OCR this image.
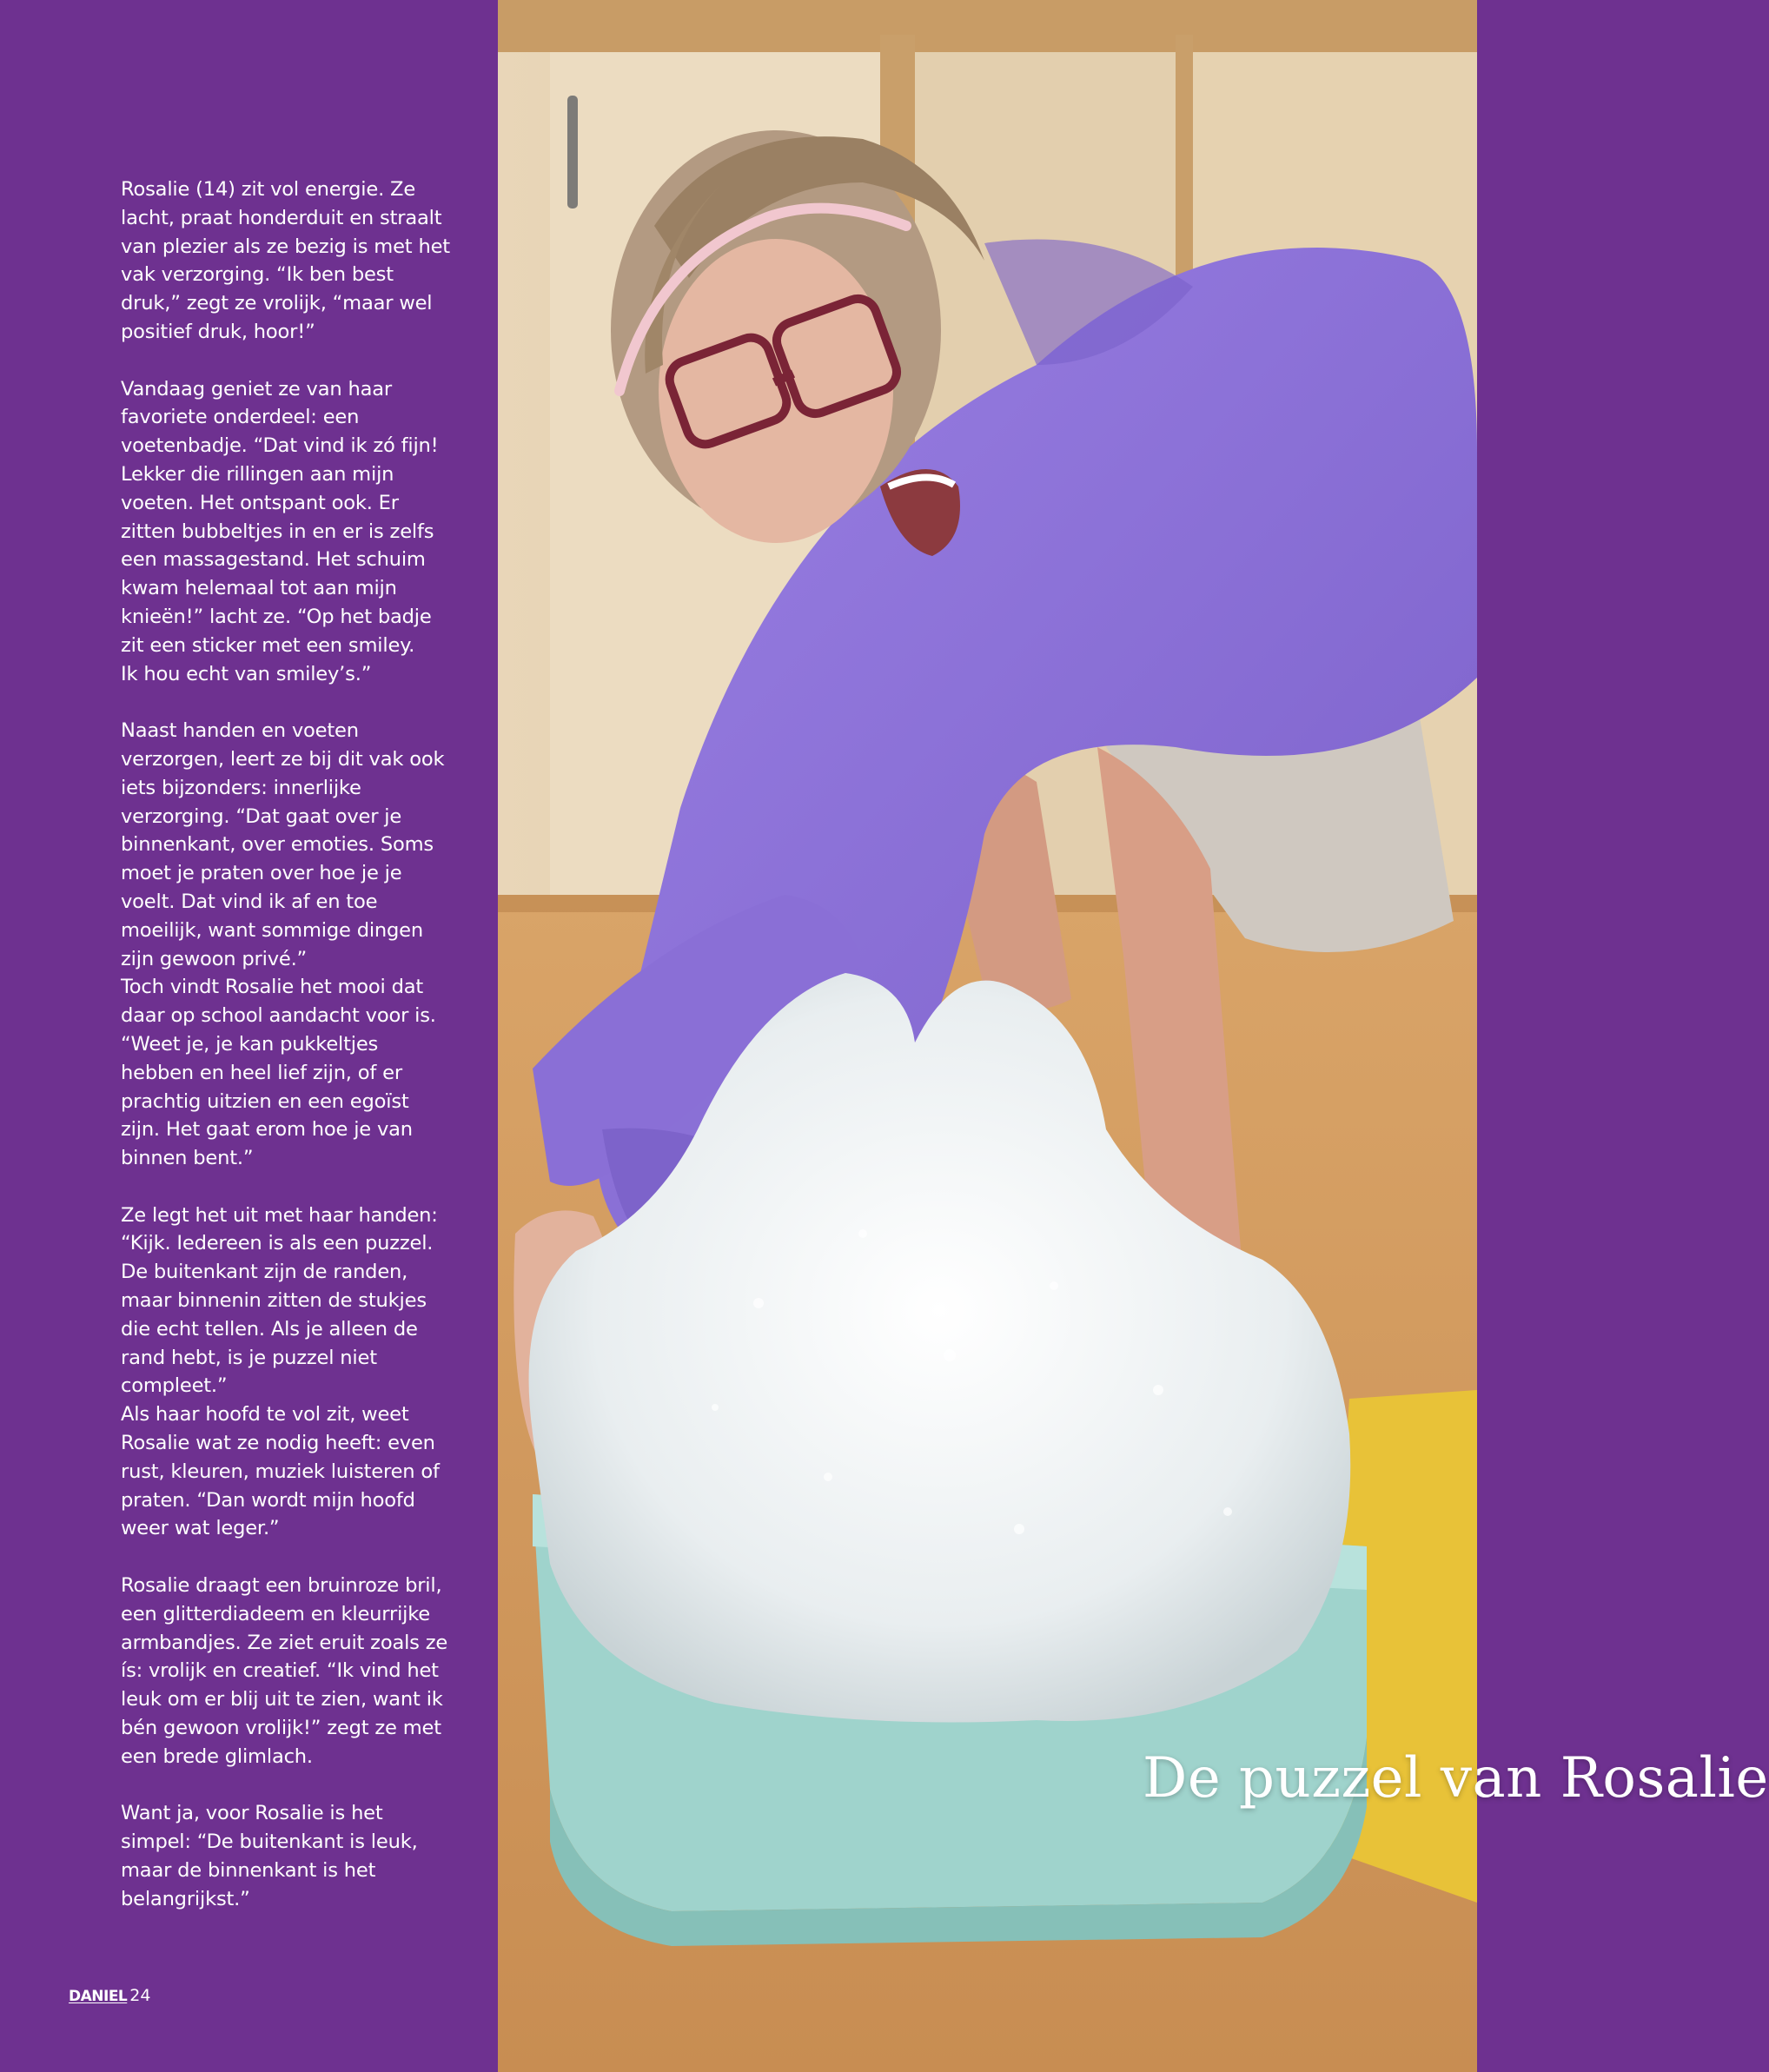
Rosalie (14) zit vol energie. Ze
lacht, praat honderduit en straalt
van plezier als ze bezig is met het
vak verzorging. “Ik ben best
druk,” zegt ze vrolijk, “maar wel
positief druk, hoor!”

Vandaag geniet ze van haar
favoriete onderdeel: een
voetenbadje. “Dat vind ik zó fijn!
Lekker die rillingen aan mijn
voeten. Het ontspant ook. Er
zitten bubbeltjes in en er is zelfs
een massagestand. Het schuim
kwam helemaal tot aan mijn
knieën!” lacht ze. “Op het badje
zit een sticker met een smiley.
Ik hou echt van smiley’s.”

Naast handen en voeten
verzorgen, leert ze bij dit vak ook
iets bijzonders: innerlijke
verzorging. “Dat gaat over je
binnenkant, over emoties. Soms
moet je praten over hoe je je
voelt. Dat vind ik af en toe
moeilijk, want sommige dingen
zijn gewoon privé.”

Toch vindt Rosalie het mooi dat
daar op school aandacht voor is.
“Weet je, je kan pukkeltjes
hebben en heel lief zijn, of er
prachtig uitzien en een egoïst
zijn. Het gaat erom hoe je van
binnen bent.”

Ze legt het uit met haar handen:
“Kijk. Iedereen is als een puzzel.
De buitenkant zijn de randen,
maar binnenin zitten de stukjes
die echt tellen. Als je alleen de
rand hebt, is je puzzel niet
compleet.”

Als haar hoofd te vol zit, weet
Rosalie wat ze nodig heeft: even
rust, kleuren, muziek luisteren of
praten. “Dan wordt mijn hoofd
weer wat leger.”

Rosalie draagt een bruinroze bril,
een glitterdiadeem en kleurrijke
armbandjes. Ze ziet eruit zoals ze
ís: vrolijk en creatief. “Ik vind het
leuk om er blij uit te zien, want ik
bén gewoon vrolijk!” zegt ze met
een brede glimlach.

Want ja, voor Rosalie is het
simpel: “De buitenkant is leuk,
maar de binnenkant is het
belangrijkst.”

DANIEL 24
De puzzel van Rosalie
